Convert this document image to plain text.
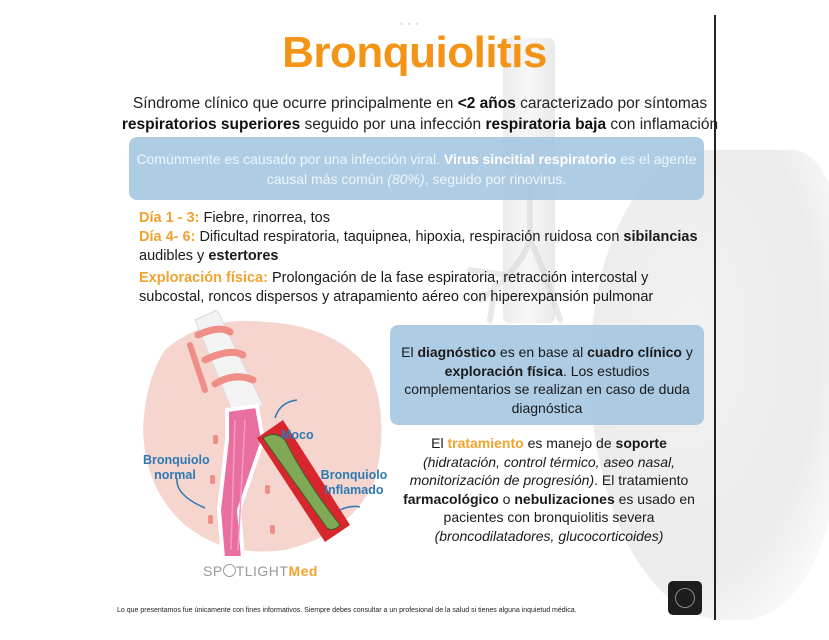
• • •
Bronquiolitis
Síndrome clínico que ocurre principalmente en <2 años caracterizado por síntomas respiratorios superiores seguido por una infección respiratoria baja con inflamación
Comúnmente es causado por una infección viral. Virus sincitial respiratorio es el agente causal más común (80%), seguido por rinovirus.
Día 1 - 3: Fiebre, rinorrea, tos
Día 4- 6: Dificultad respiratoria, taquipnea, hipoxia, respiración ruidosa con sibilancias audibles y estertores
Exploración física: Prolongación de la fase espiratoria, retracción intercostal y subcostal, roncos dispersos y atrapamiento aéreo con hiperexpansión pulmonar
Moco
Bronquiolo normal	Bronquiolo Inflamado
SP TLIGHTMed
El diagnóstico es en base al cuadro clínico y exploración física. Los estudios complementarios se realizan en caso de duda diagnóstica
El tratamiento es manejo de soporte (hidratación, control térmico, aseo nasal, monitorización de progresión). El tratamiento farmacológico o nebulizaciones es usado en pacientes con bronquiolitis severa (broncodilatadores, glucocorticoides)
Lo que presentamos fue únicamente con fines informativos. Siempre debes consultar a un profesional de la salud si tienes alguna inquietud médica.
